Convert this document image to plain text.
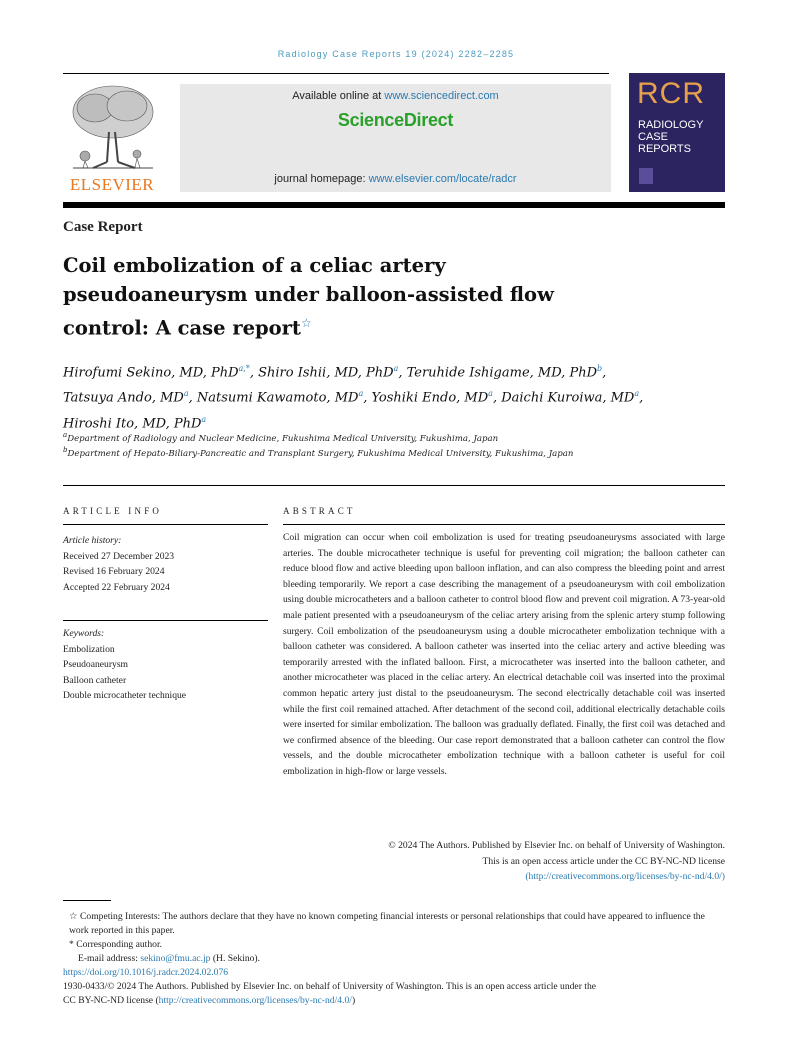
Radiology Case Reports 19 (2024) 2282–2285
ELSEVIER
Available online at www.sciencedirect.com
ScienceDirect
journal homepage: www.elsevier.com/locate/radcr
RCR
RADIOLOGY
CASE
REPORTS
Case Report
Coil embolization of a celiac artery pseudoaneurysm under balloon-assisted flow control: A case report☆
Hirofumi Sekino, MD, PhD$^{a,*}$, Shiro Ishii, MD, PhD$^a$, Teruhide Ishigame, MD, PhD$^b$,
Tatsuya Ando, $MD^a$, Natsumi Kawamoto, $MD^a$, Yoshiki Endo, $MD^a$, Daichi Kuroiwa, $MD^a$,
Hiroshi Ito, MD, PhD$^a$
$^a$Department of Radiology and Nuclear Medicine, Fukushima Medical University, Fukushima, Japan
$^b$Department of Hepato-Biliary-Pancreatic and Transplant Surgery, Fukushima Medical University, Fukushima, Japan
ARTICLE INFO
Article history:
Received 27 December 2023
Revised 16 February 2024
Accepted 22 February 2024
Keywords:
Embolization
Pseudoaneurysm
Balloon catheter
Double microcatheter technique
ABSTRACT
Coil migration can occur when coil embolization is used for treating pseudoaneurysms associated with large arteries. The double microcatheter technique is useful for preventing coil migration; the balloon catheter can reduce blood flow and active bleeding upon balloon inflation, and can also compress the bleeding point and arrest bleeding temporarily. We report a case describing the management of a pseudoaneurysm with coil embolization using double microcatheters and a balloon catheter to control blood flow and prevent coil migration. A 73-year-old male patient presented with a pseudoaneurysm of the celiac artery arising from the splenic artery stump following surgery. Coil embolization of the pseudoaneurysm using a double microcatheter embolization technique with a balloon catheter was considered. A balloon catheter was inserted into the celiac artery and active bleeding was temporarily arrested with the inflated balloon. First, a microcatheter was inserted into the balloon catheter, and another microcatheter was placed in the celiac artery. An electrical detachable coil was inserted into the proximal common hepatic artery just distal to the pseudoaneurysm. The second electrically detachable coil was inserted while the first coil remained attached. After detachment of the second coil, additional electrically detachable coils were inserted for similar embolization. The balloon was gradually deflated. Finally, the first coil was detached and we confirmed absence of the bleeding. Our case report demonstrated that a balloon catheter can control the flow vessels, and the double microcatheter embolization technique with a balloon catheter is useful for coil embolization in high-flow or large vessels.
© 2024 The Authors. Published by Elsevier Inc. on behalf of University of Washington.
This is an open access article under the CC BY-NC-ND license
(http://creativecommons.org/licenses/by-nc-nd/4.0/)
☆ Competing Interests: The authors declare that they have no known competing financial interests or personal relationships that could have appeared to influence the work reported in this paper.
* Corresponding author.
E-mail address: sekino@fmu.ac.jp (H. Sekino).
https://doi.org/10.1016/j.radcr.2024.02.076
1930-0433/© 2024 The Authors. Published by Elsevier Inc. on behalf of University of Washington. This is an open access article under the
CC BY-NC-ND license (http://creativecommons.org/licenses/by-nc-nd/4.0/)
